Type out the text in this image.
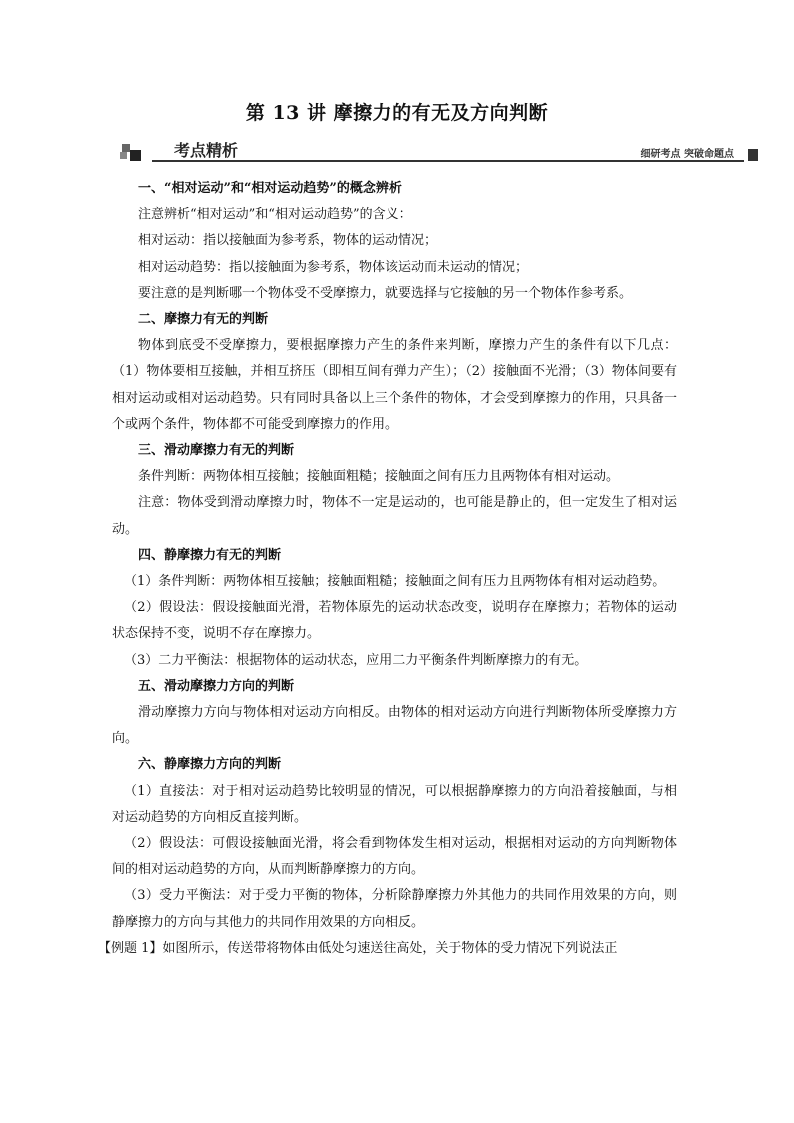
第 13 讲 摩擦力的有无及方向判断
考点精析	细研考点 突破命题点

一、“相对运动”和“相对运动趋势”的概念辨析

注意辨析“相对运动”和“相对运动趋势”的含义：

相对运动：指以接触面为参考系，物体的运动情况；

相对运动趋势：指以接触面为参考系，物体该运动而未运动的情况；

要注意的是判断哪一个物体受不受摩擦力，就要选择与它接触的另一个物体作参考系。

二、摩擦力有无的判断

物体到底受不受摩擦力，要根据摩擦力产生的条件来判断，摩擦力产生的条件有以下几点：（1）物体要相互接触，并相互挤压（即相互间有弹力产生）；（2）接触面不光滑；（3）物体间要有相对运动或相对运动趋势。只有同时具备以上三个条件的物体，才会受到摩擦力的作用，只具备一个或两个条件，物体都不可能受到摩擦力的作用。

三、滑动摩擦力有无的判断

条件判断：两物体相互接触；接触面粗糙；接触面之间有压力且两物体有相对运动。

注意：物体受到滑动摩擦力时，物体不一定是运动的，也可能是静止的，但一定发生了相对运动。

四、静摩擦力有无的判断

（1）条件判断：两物体相互接触；接触面粗糙；接触面之间有压力且两物体有相对运动趋势。

（2）假设法：假设接触面光滑，若物体原先的运动状态改变，说明存在摩擦力；若物体的运动状态保持不变，说明不存在摩擦力。

（3）二力平衡法：根据物体的运动状态，应用二力平衡条件判断摩擦力的有无。

五、滑动摩擦力方向的判断

滑动摩擦力方向与物体相对运动方向相反。由物体的相对运动方向进行判断物体所受摩擦力方向。

六、静摩擦力方向的判断

（1）直接法：对于相对运动趋势比较明显的情况，可以根据静摩擦力的方向沿着接触面，与相对运动趋势的方向相反直接判断。

（2）假设法：可假设接触面光滑，将会看到物体发生相对运动，根据相对运动的方向判断物体间的相对运动趋势的方向，从而判断静摩擦力的方向。

（3）受力平衡法：对于受力平衡的物体，分析除静摩擦力外其他力的共同作用效果的方向，则静摩擦力的方向与其他力的共同作用效果的方向相反。

【例题 1】如图所示，传送带将物体由低处匀速送往高处，关于物体的受力情况下列说法正
